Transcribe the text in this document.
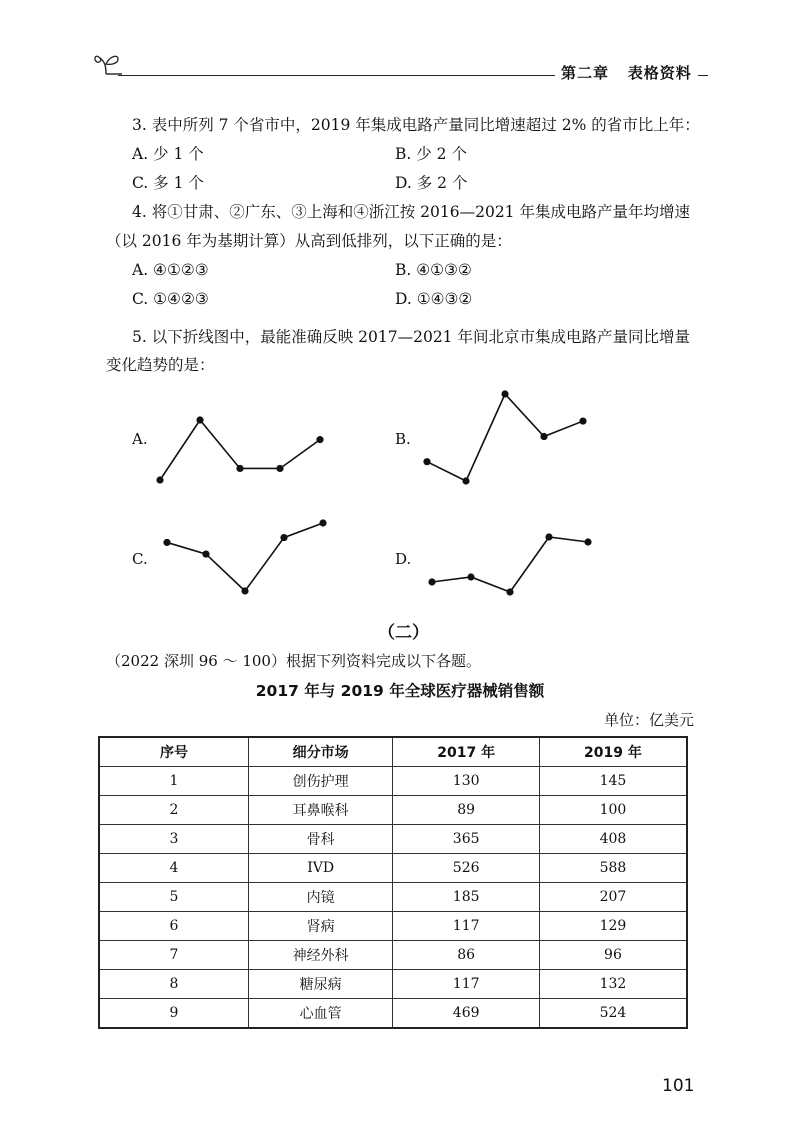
第二章 表格资料
3. 表中所列 7 个省市中，2019 年集成电路产量同比增速超过 2% 的省市比上年：
A. 少 1 个	B. 少 2 个
C. 多 1 个	D. 多 2 个
4. 将①甘肃、②广东、③上海和④浙江按 2016—2021 年集成电路产量年均增速
（以 2016 年为基期计算）从高到低排列，以下正确的是：
A. ④①②③	B. ④①③②
C. ①④②③	D. ①④③②
5. 以下折线图中，最能准确反映 2017—2021 年间北京市集成电路产量同比增量
变化趋势的是：
A.	B.
C.	D.
（二）
（2022 深圳 96 ～ 100）根据下列资料完成以下各题。
2017 年与 2019 年全球医疗器械销售额
单位：亿美元
序号	细分市场	2017 年	2019 年
1	创伤护理	130	145
2	耳鼻喉科	89	100
3	骨科	365	408
4	IVD	526	588
5	内镜	185	207
6	肾病	117	129
7	神经外科	86	96
8	糖尿病	117	132
9	心血管	469	524
101
